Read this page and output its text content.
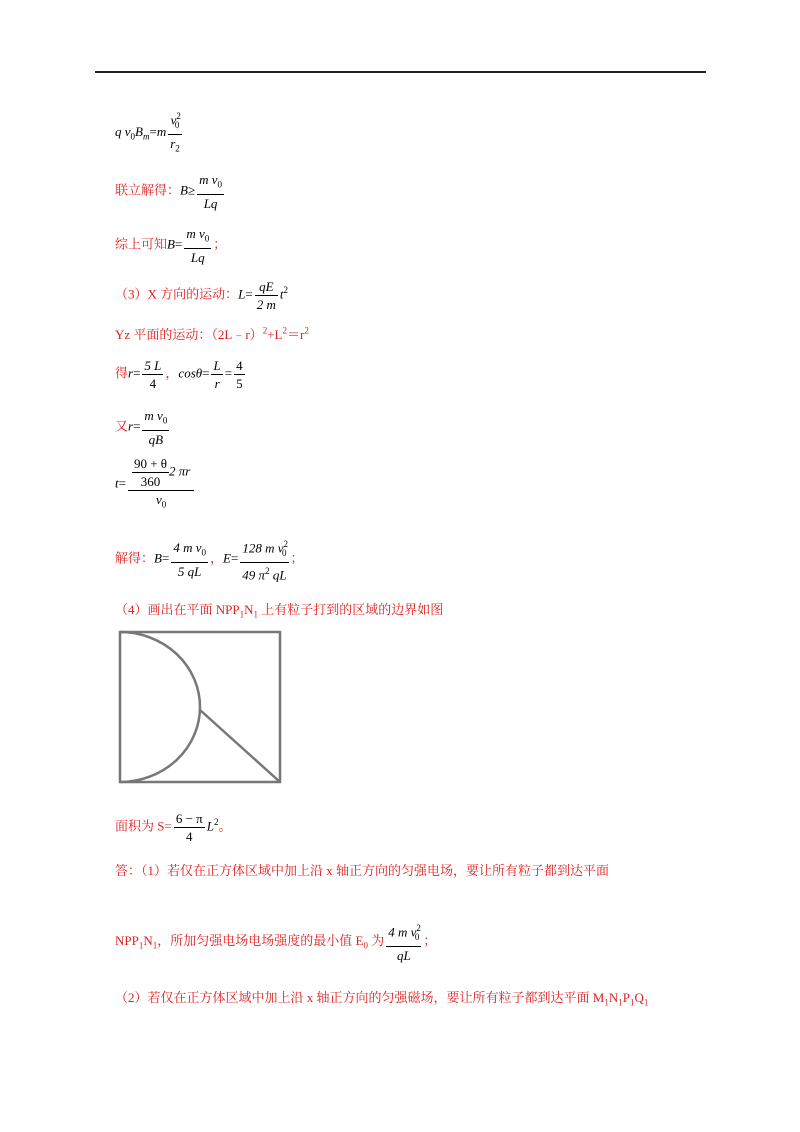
q $v_0B_m=m \frac{v^2_0}{r_2}$
联立解得：$B\ge \frac{m v_0}{Lq}$
综上可知$B= \frac{m v_0}{Lq}$ ；
（3）X 方向的运动：$L= \frac{qE}{2 m} t^2$
Yz 平面的运动：$(2L﹣r)^2+L^2=r^2$
得$r= \frac{5 L}{4}$ ，$\cos\theta= \frac{L}{r} = \frac{4}{5}$
又$r= \frac{m v_0}{qB}$
$t= \frac{\frac{90 + \theta}{360} 2 \pi r}{v_0}$
解得：$B= \frac{4 m v_0}{5 qL}$ ，$E= \frac{128 m v^2_0}{49 \pi^2 qL}$ ；
（4）画出在平面 $NPP_1N_1$ 上有粒子打到的区域的边界如图
面积为 $S= \frac{6 - \pi}{4} L^2$。
答：（1）若仅在正方体区域中加上沿 x 轴正方向的匀强电场，要让所有粒子都到达平面
$NPP_1N_1$，所加匀强电场电场强度的最小值 $E_0$ 为 $\frac{4 m v^2_0}{qL}$ ；
（2）若仅在正方体区域中加上沿 x 轴正方向的匀强磁场，要让所有粒子都到达平面 $M_1N_1P_1Q_1$
